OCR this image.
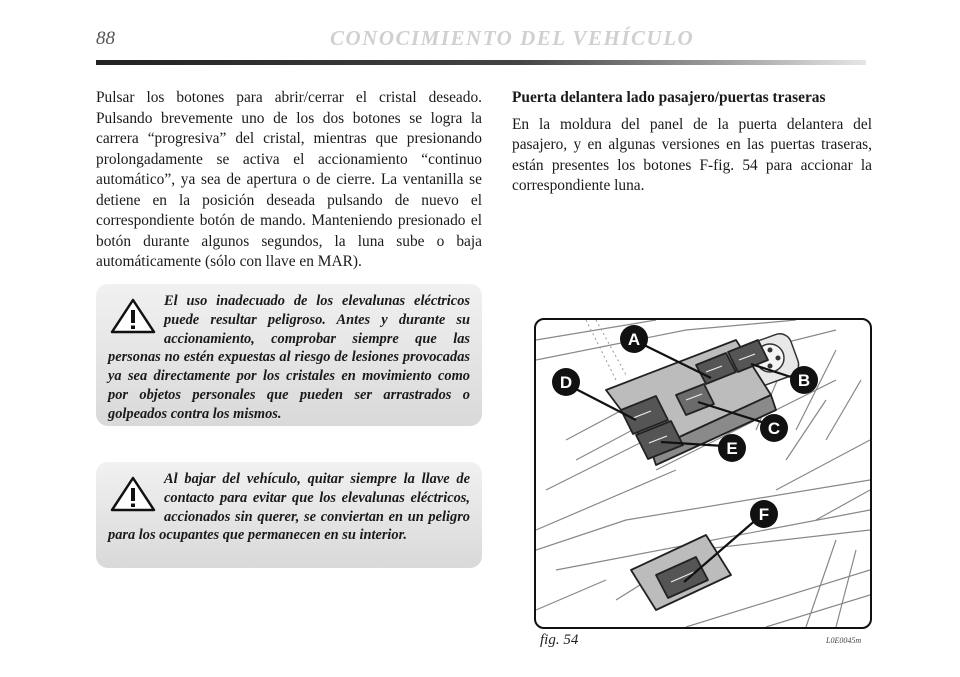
88	CONOCIMIENTO DEL VEHÍCULO

Pulsar los botones para abrir/cerrar el cristal deseado. Pulsando brevemente uno de los dos botones se logra la carrera “progresiva” del cristal, mientras que presionando prolongadamente se activa el accionamiento “continuo automático”, ya sea de apertura o de cierre. La ventanilla se detiene en la posición deseada pulsando de nuevo el correspondiente botón de mando. Manteniendo presionado el botón durante algunos segundos, la luna sube o baja automáticamente (sólo con llave en MAR).

El uso inadecuado de los elevalunas eléctricos puede resultar peligroso. Antes y durante su accionamiento, comprobar siempre que las personas no estén expuestas al riesgo de lesiones provocadas ya sea directamente por los cristales en movimiento como por objetos personales que pueden ser arrastrados o golpeados contra los mismos.

Al bajar del vehículo, quitar siempre la llave de contacto para evitar que los elevalunas eléctricos, accionados sin querer, se conviertan en un peligro para los ocupantes que permanecen en su interior.

Puerta delantera lado pasajero/puertas traseras

En la moldura del panel de la puerta delantera del pasajero, y en algunas versiones en las puertas traseras, están presentes los botones F-fig. 54 para accionar la correspondiente luna.

A
B
C
D
E
F
fig. 54	L0E0045m
